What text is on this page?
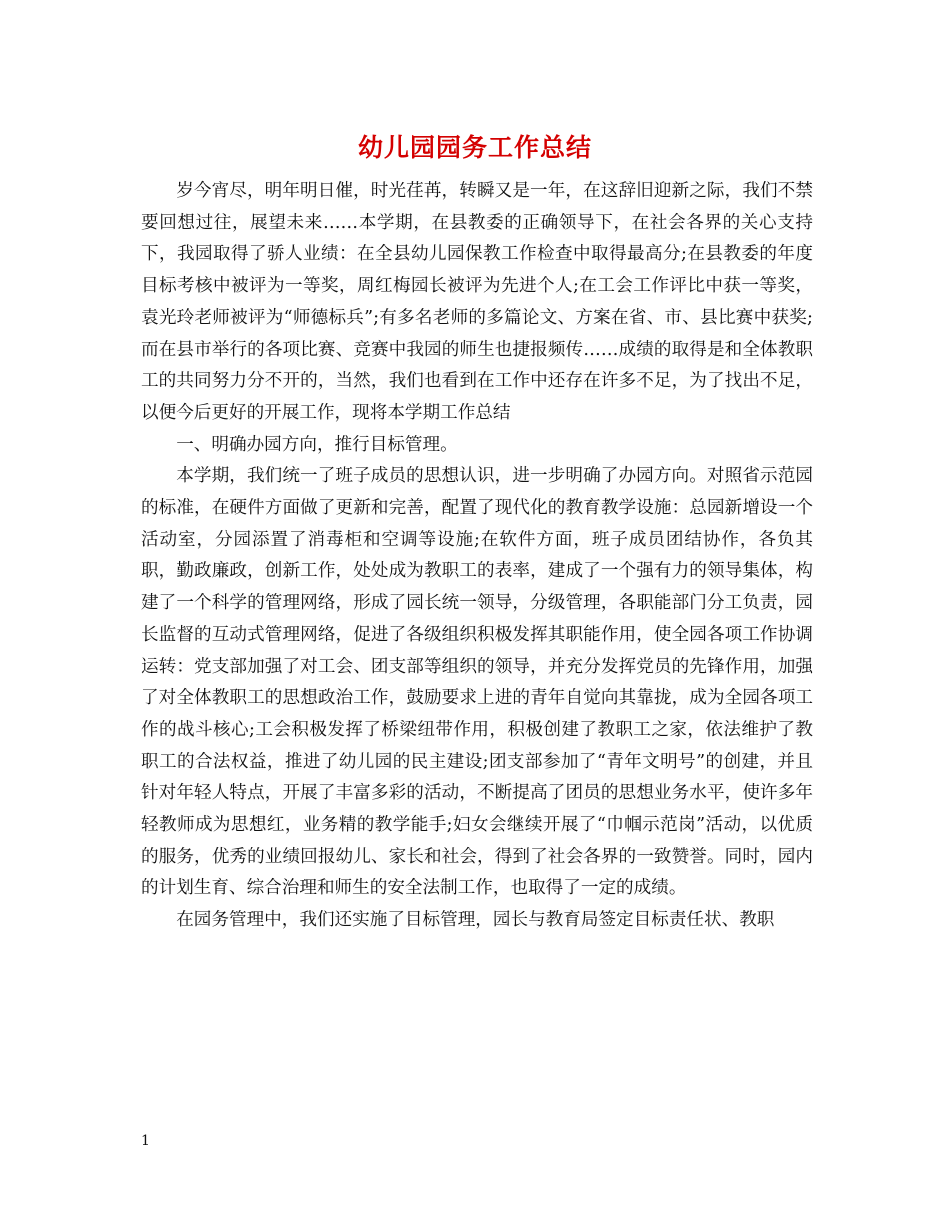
幼儿园园务工作总结

岁今宵尽，明年明日催，时光荏苒，转瞬又是一年，在这辞旧迎新之际，我们不禁要回想过往，展望未来……本学期，在县教委的正确领导下，在社会各界的关心支持下，我园取得了骄人业绩：在全县幼儿园保教工作检查中取得最高分;在县教委的年度目标考核中被评为一等奖，周红梅园长被评为先进个人;在工会工作评比中获一等奖，袁光玲老师被评为“师德标兵”;有多名老师的多篇论文、方案在省、市、县比赛中获奖;而在县市举行的各项比赛、竞赛中我园的师生也捷报频传……成绩的取得是和全体教职工的共同努力分不开的，当然，我们也看到在工作中还存在许多不足，为了找出不足，以便今后更好的开展工作，现将本学期工作总结

一、明确办园方向，推行目标管理。

本学期，我们统一了班子成员的思想认识，进一步明确了办园方向。对照省示范园的标准，在硬件方面做了更新和完善，配置了现代化的教育教学设施：总园新增设一个活动室，分园添置了消毒柜和空调等设施;在软件方面，班子成员团结协作，各负其职，勤政廉政，创新工作，处处成为教职工的表率，建成了一个强有力的领导集体，构建了一个科学的管理网络，形成了园长统一领导，分级管理，各职能部门分工负责，园长监督的互动式管理网络，促进了各级组织积极发挥其职能作用，使全园各项工作协调运转：党支部加强了对工会、团支部等组织的领导，并充分发挥党员的先锋作用，加强了对全体教职工的思想政治工作，鼓励要求上进的青年自觉向其靠拢，成为全园各项工作的战斗核心;工会积极发挥了桥梁纽带作用，积极创建了教职工之家，依法维护了教职工的合法权益，推进了幼儿园的民主建设;团支部参加了“青年文明号”的创建，并且针对年轻人特点，开展了丰富多彩的活动，不断提高了团员的思想业务水平，使许多年轻教师成为思想红，业务精的教学能手;妇女会继续开展了“巾帼示范岗”活动，以优质的服务，优秀的业绩回报幼儿、家长和社会，得到了社会各界的一致赞誉。同时，园内的计划生育、综合治理和师生的安全法制工作，也取得了一定的成绩。

在园务管理中，我们还实施了目标管理，园长与教育局签定目标责任状、教职

1
